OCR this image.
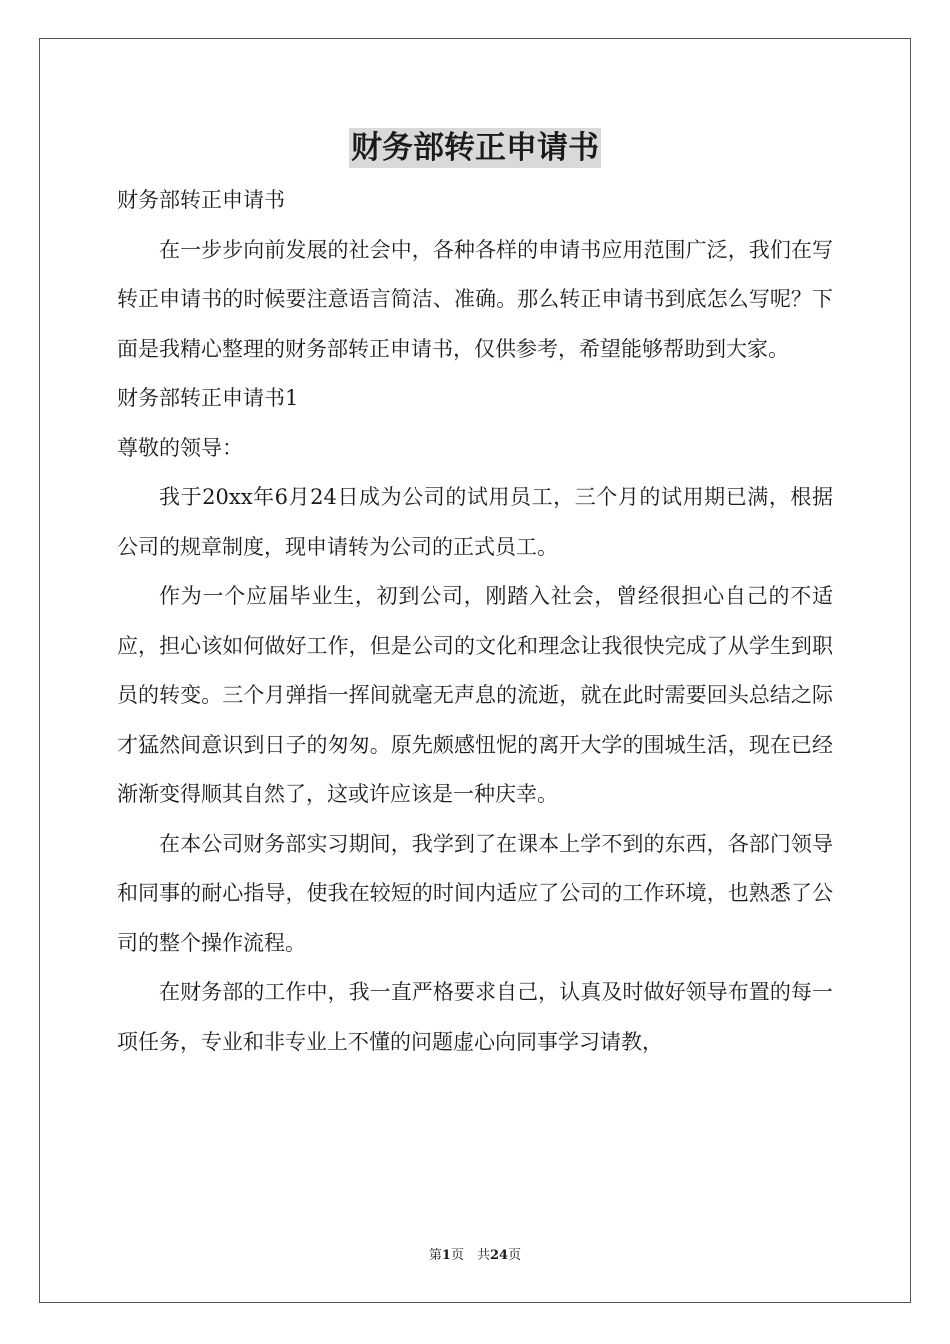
财务部转正申请书
财务部转正申请书

在一步步向前发展的社会中，各种各样的申请书应用范围广泛，我们在写转正申请书的时候要注意语言简洁、准确。那么转正申请书到底怎么写呢？下面是我精心整理的财务部转正申请书，仅供参考，希望能够帮助到大家。

财务部转正申请书1
尊敬的领导：

我于20xx年6月24日成为公司的试用员工，三个月的试用期已满，根据公司的规章制度，现申请转为公司的正式员工。

作为一个应届毕业生，初到公司，刚踏入社会，曾经很担心自己的不适应，担心该如何做好工作，但是公司的文化和理念让我很快完成了从学生到职员的转变。三个月弹指一挥间就毫无声息的流逝，就在此时需要回头总结之际才猛然间意识到日子的匆匆。原先颇感忸怩的离开大学的围城生活，现在已经渐渐变得顺其自然了，这或许应该是一种庆幸。

在本公司财务部实习期间，我学到了在课本上学不到的东西，各部门领导和同事的耐心指导，使我在较短的时间内适应了公司的工作环境，也熟悉了公司的整个操作流程。

在财务部的工作中，我一直严格要求自己，认真及时做好领导布置的每一项任务，专业和非专业上不懂的问题虚心向同事学习请教，

第1页　共24页
